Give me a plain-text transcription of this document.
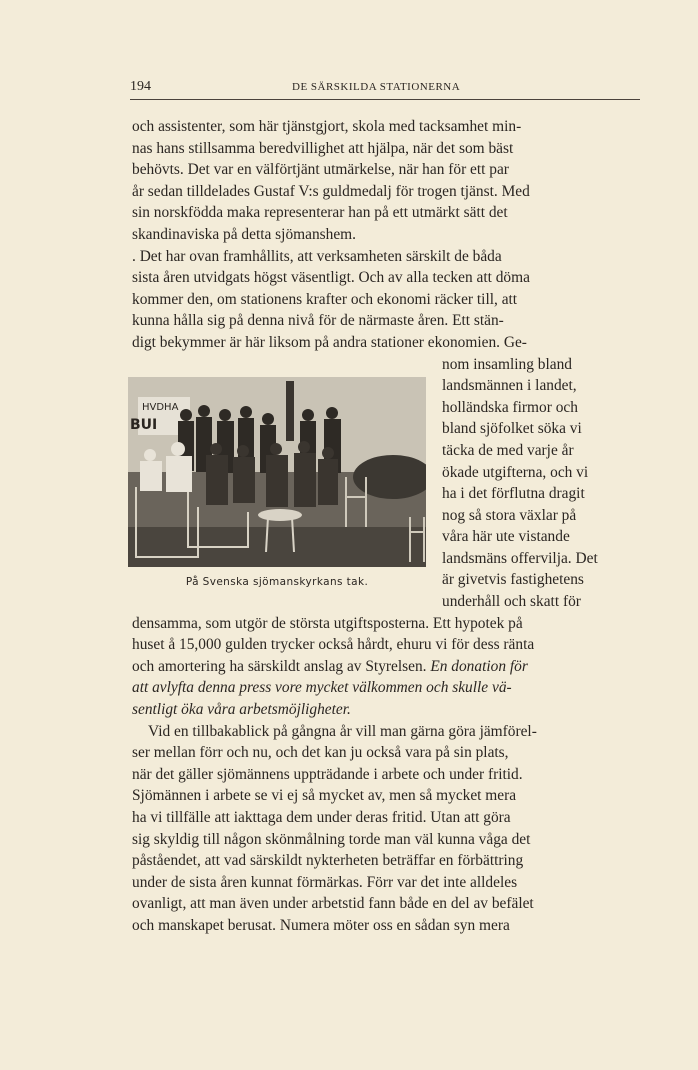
194	DE SÄRSKILDA STATIONERNA
och assistenter, som här tjänstgjort, skola med tacksamhet min-
nas hans stillsamma beredvillighet att hjälpa, när det som bäst
behövts. Det var en välförtjänt utmärkelse, när han för ett par
år sedan tilldelades Gustaf V:s guldmedalj för trogen tjänst. Med
sin norskfödda maka representerar han på ett utmärkt sätt det
skandinaviska på detta sjömanshem.
. Det har ovan framhållits, att verksamheten särskilt de båda
sista åren utvidgats högst väsentligt. Och av alla tecken att döma
kommer den, om stationens krafter och ekonomi räcker till, att
kunna hålla sig på denna nivå för de närmaste åren. Ett stän-
digt bekymmer är här liksom på andra stationer ekonomien. Ge-
nom insamling bland
landsmännen i landet,
holländska firmor och
bland sjöfolket söka vi
täcka de med varje år
ökade utgifterna, och vi
ha i det förflutna dragit
nog så stora växlar på
våra här ute vistande
landsmäns offervilja. Det
är givetvis fastighetens
underhåll och skatt för
densamma, som utgör de största utgiftsposterna. Ett hypotek på
huset å 15,000 gulden trycker också hårdt, ehuru vi för dess ränta
och amortering ha särskildt anslag av Styrelsen. En donation för
att avlyfta denna press vore mycket välkommen och skulle vä-
sentligt öka våra arbetsmöjligheter.
Vid en tillbakablick på gångna år vill man gärna göra jämförel-
ser mellan förr och nu, och det kan ju också vara på sin plats,
när det gäller sjömännens uppträdande i arbete och under fritid.
Sjömännen i arbete se vi ej så mycket av, men så mycket mera
ha vi tillfälle att iakttaga dem under deras fritid. Utan att göra
sig skyldig till någon skönmålning torde man väl kunna våga det
påståendet, att vad särskildt nykterheten beträffar en förbättring
under de sista åren kunnat förmärkas. Förr var det inte alldeles
ovanligt, att man även under arbetstid fann både en del av befälet
och manskapet berusat. Numera möter oss en sådan syn mera
HVDHA
BUI
På Svenska sjömanskyrkans tak.
